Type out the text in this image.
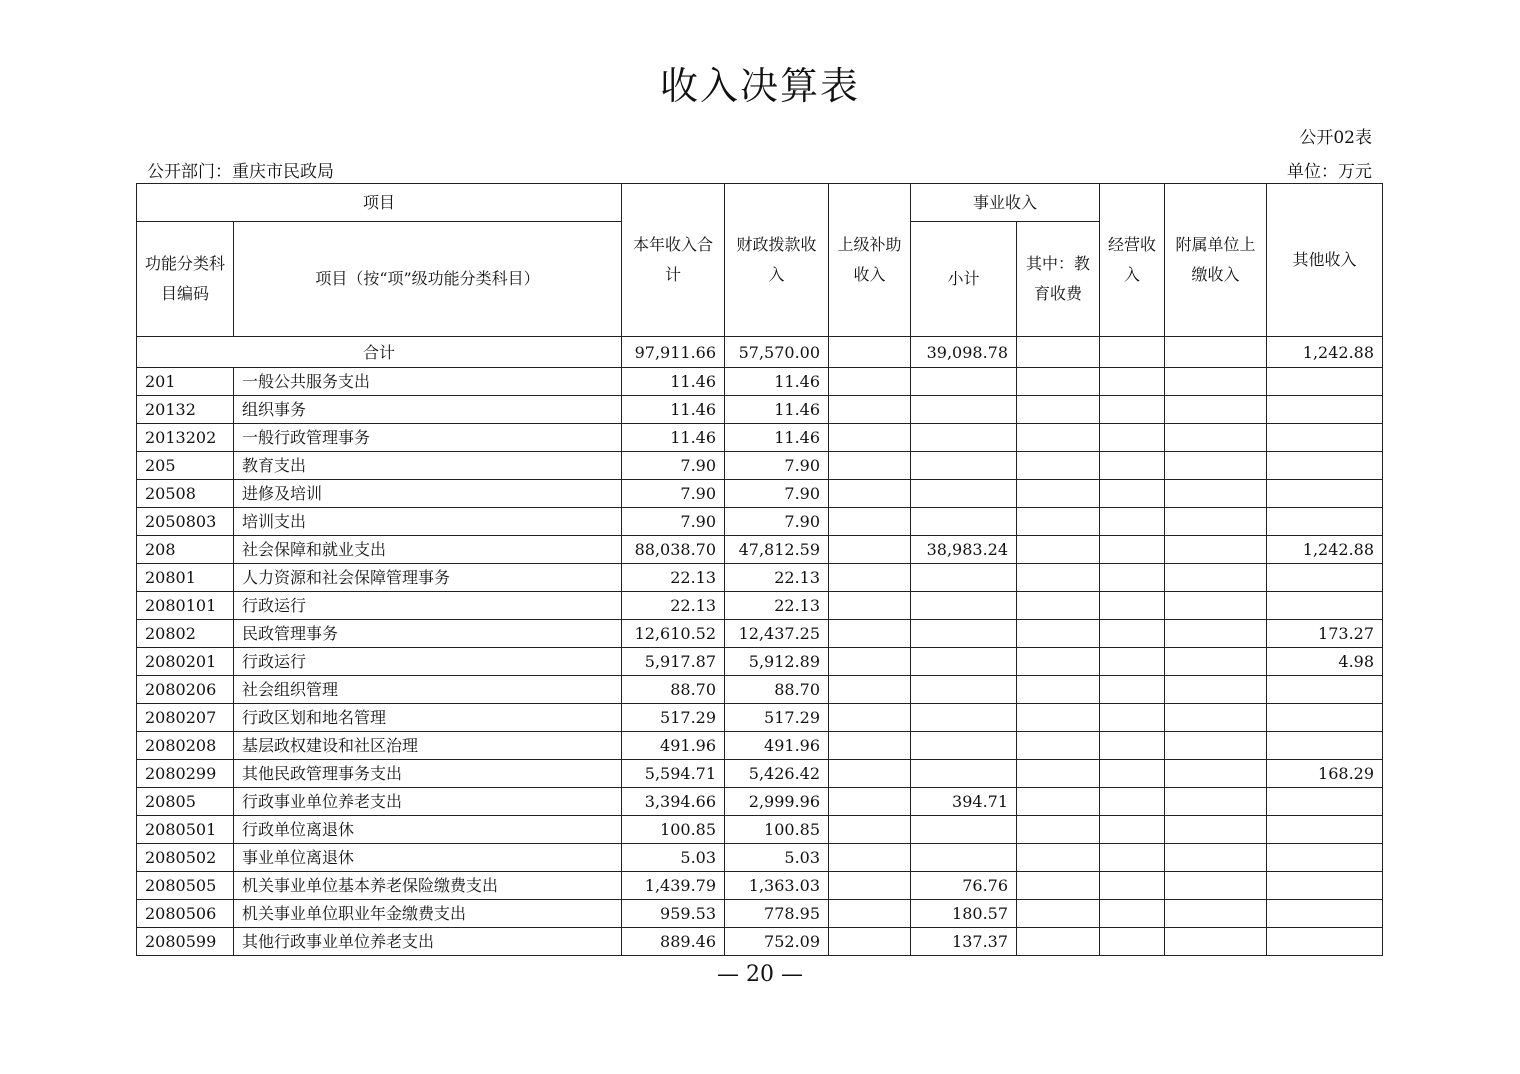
收入决算表
公开02表
公开部门：重庆市民政局	单位：万元
项目		本年收入合计	财政拨款收入	上级补助收入	事业收入		经营收入	附属单位上缴收入	其他收入
功能分类科目编码	项目（按“项”级功能分类科目）				小计	其中：教育收费			
合计		97,911.66	57,570.00		39,098.78				1,242.88
201	一般公共服务支出	11.46	11.46						
20132	组织事务	11.46	11.46						
2013202	一般行政管理事务	11.46	11.46						
205	教育支出	7.90	7.90						
20508	进修及培训	7.90	7.90						
2050803	培训支出	7.90	7.90						
208	社会保障和就业支出	88,038.70	47,812.59		38,983.24				1,242.88
20801	人力资源和社会保障管理事务	22.13	22.13						
2080101	行政运行	22.13	22.13						
20802	民政管理事务	12,610.52	12,437.25						173.27
2080201	行政运行	5,917.87	5,912.89						4.98
2080206	社会组织管理	88.70	88.70						
2080207	行政区划和地名管理	517.29	517.29						
2080208	基层政权建设和社区治理	491.96	491.96						
2080299	其他民政管理事务支出	5,594.71	5,426.42						168.29
20805	行政事业单位养老支出	3,394.66	2,999.96		394.71				
2080501	行政单位离退休	100.85	100.85						
2080502	事业单位离退休	5.03	5.03						
2080505	机关事业单位基本养老保险缴费支出	1,439.79	1,363.03		76.76				
2080506	机关事业单位职业年金缴费支出	959.53	778.95		180.57				
2080599	其他行政事业单位养老支出	889.46	752.09		137.37				
— 20 —
